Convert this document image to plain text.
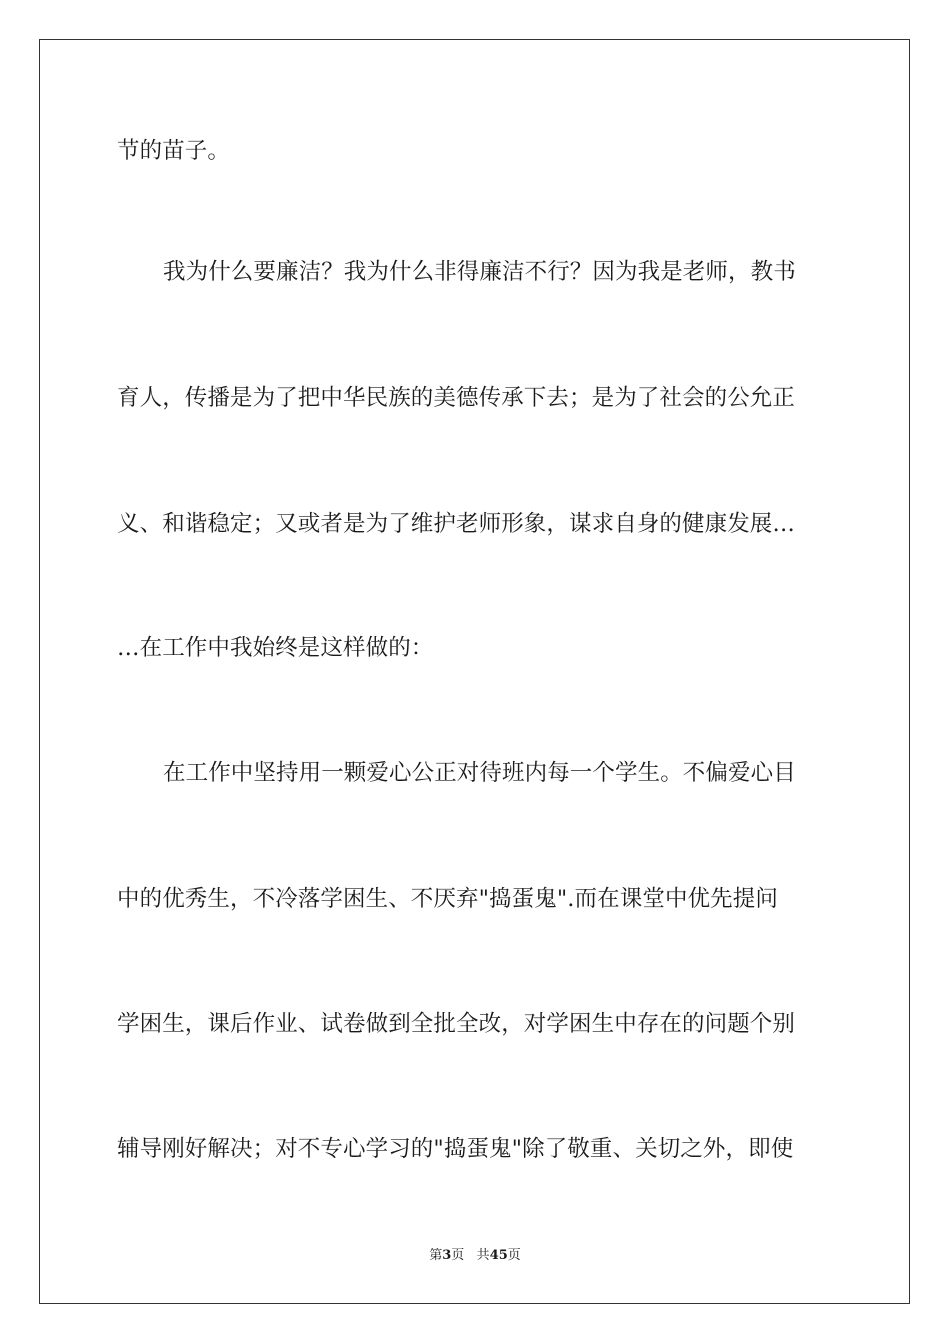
节的苗子。
我为什么要廉洁？我为什么非得廉洁不行？因为我是老师，教书
育人，传播是为了把中华民族的美德传承下去；是为了社会的公允正
义、和谐稳定；又或者是为了维护老师形象，谋求自身的健康发展…
…在工作中我始终是这样做的：
在工作中坚持用一颗爱心公正对待班内每一个学生。不偏爱心目
中的优秀生，不冷落学困生、不厌弃"捣蛋鬼".而在课堂中优先提问
学困生，课后作业、试卷做到全批全改，对学困生中存在的问题个别
辅导刚好解决；对不专心学习的"捣蛋鬼"除了敬重、关切之外，即使
第3页 共45页
